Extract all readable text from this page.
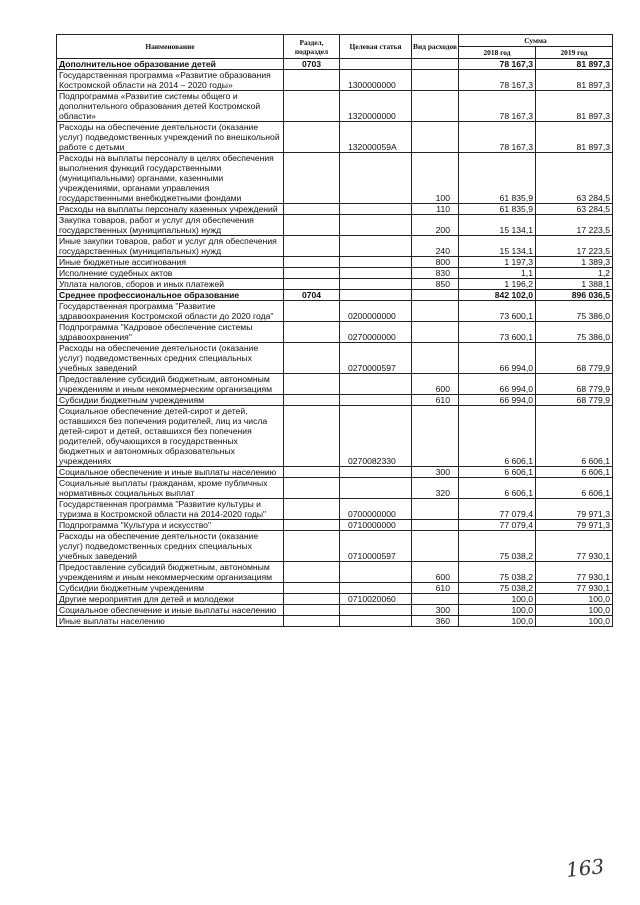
Наименование	Раздел, подраздел	Целевая статья	Вид расходов	Сумма	
				2018 год	2019 год
Дополнительное образование детей	0703			78 167,3	81 897,3
Государственная программа «Развитие образования Костромской области на 2014 – 2020 годы»		1300000000		78 167,3	81 897,3
Подпрограмма «Развитие системы общего и дополнительного образования детей Костромской области»		1320000000		78 167,3	81 897,3
Расходы на обеспечение деятельности (оказание услуг) подведомственных учреждений по внешкольной работе с детьми		132000059А		78 167,3	81 897,3
Расходы на выплаты персоналу в целях обеспечения выполнения функций государственными (муниципальными) органами, казенными учреждениями, органами управления государственными внебюджетными фондами			100	61 835,9	63 284,5
Расходы на выплаты персоналу казенных учреждений			110	61 835,9	63 284,5
Закупка товаров, работ и услуг для обеспечения государственных (муниципальных) нужд			200	15 134,1	17 223,5
Иные закупки товаров, работ и услуг для обеспечения государственных (муниципальных) нужд			240	15 134,1	17 223,5
Иные бюджетные ассигнования			800	1 197,3	1 389,3
Исполнение судебных актов			830	1,1	1,2
Уплата налогов, сборов и иных платежей			850	1 196,2	1 388,1
Среднее профессиональное образование	0704			842 102,0	896 036,5
Государственная программа "Развитие здравоохранения Костромской области до 2020 года"		0200000000		73 600,1	75 386,0
Подпрограмма "Кадровое обеспечение системы здравоохранения"		0270000000		73 600,1	75 386,0
Расходы на обеспечение деятельности (оказание услуг) подведомственных средних специальных учебных заведений		0270000597		66 994,0	68 779,9
Предоставление субсидий бюджетным, автономным учреждениям и иным некоммерческим организациям			600	66 994,0	68 779,9
Субсидии бюджетным учреждениям			610	66 994,0	68 779,9
Социальное обеспечение детей-сирот и детей, оставшихся без попечения родителей, лиц из числа детей-сирот и детей, оставшихся без попечения родителей, обучающихся в государственных бюджетных и автономных образовательных учреждениях		0270082330		6 606,1	6 606,1
Социальное обеспечение и иные выплаты населению			300	6 606,1	6 606,1
Социальные выплаты гражданам, кроме публичных нормативных социальных выплат			320	6 606,1	6 606,1
Государственная программа "Развитие культуры и туризма в Костромской области на 2014-2020 годы"		0700000000		77 079,4	79 971,3
Подпрограмма "Культура и искусство"		0710000000		77 079,4	79 971,3
Расходы на обеспечение деятельности (оказание услуг) подведомственных средних специальных учебных заведений		0710000597		75 038,2	77 930,1
Предоставление субсидий бюджетным, автономным учреждениям и иным некоммерческим организациям			600	75 038,2	77 930,1
Субсидии бюджетным учреждениям			610	75 038,2	77 930,1
Другие мероприятия для детей и молодежи		0710020060		100,0	100,0
Социальное обеспечение и иные выплаты населению			300	100,0	100,0
Иные выплаты населению			360	100,0	100,0
163
